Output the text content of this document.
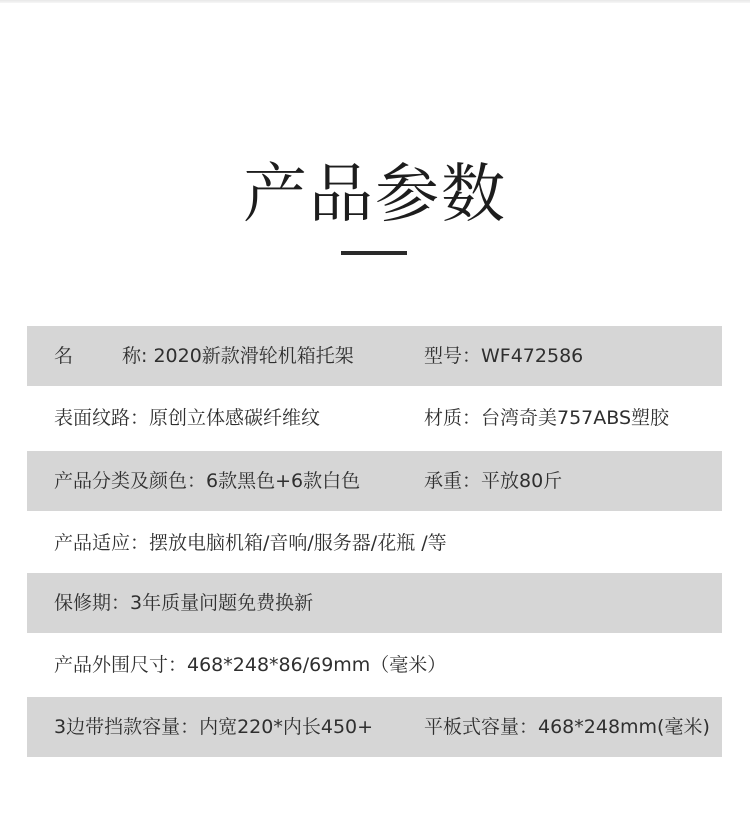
产品参数
名	称: 2020新款滑轮机箱托架	型号：WF472586
表面纹路：原创立体感碳纤维纹	材质：台湾奇美757ABS塑胶
产品分类及颜色：6款黑色+6款白色	承重：平放80斤
产品适应：摆放电脑机箱/音响/服务器/花瓶 /等
保修期：3年质量问题免费换新
产品外围尺寸：468*248*86/69mm（毫米）
3边带挡款容量：内宽220*内长450+	平板式容量：468*248mm(毫米)
